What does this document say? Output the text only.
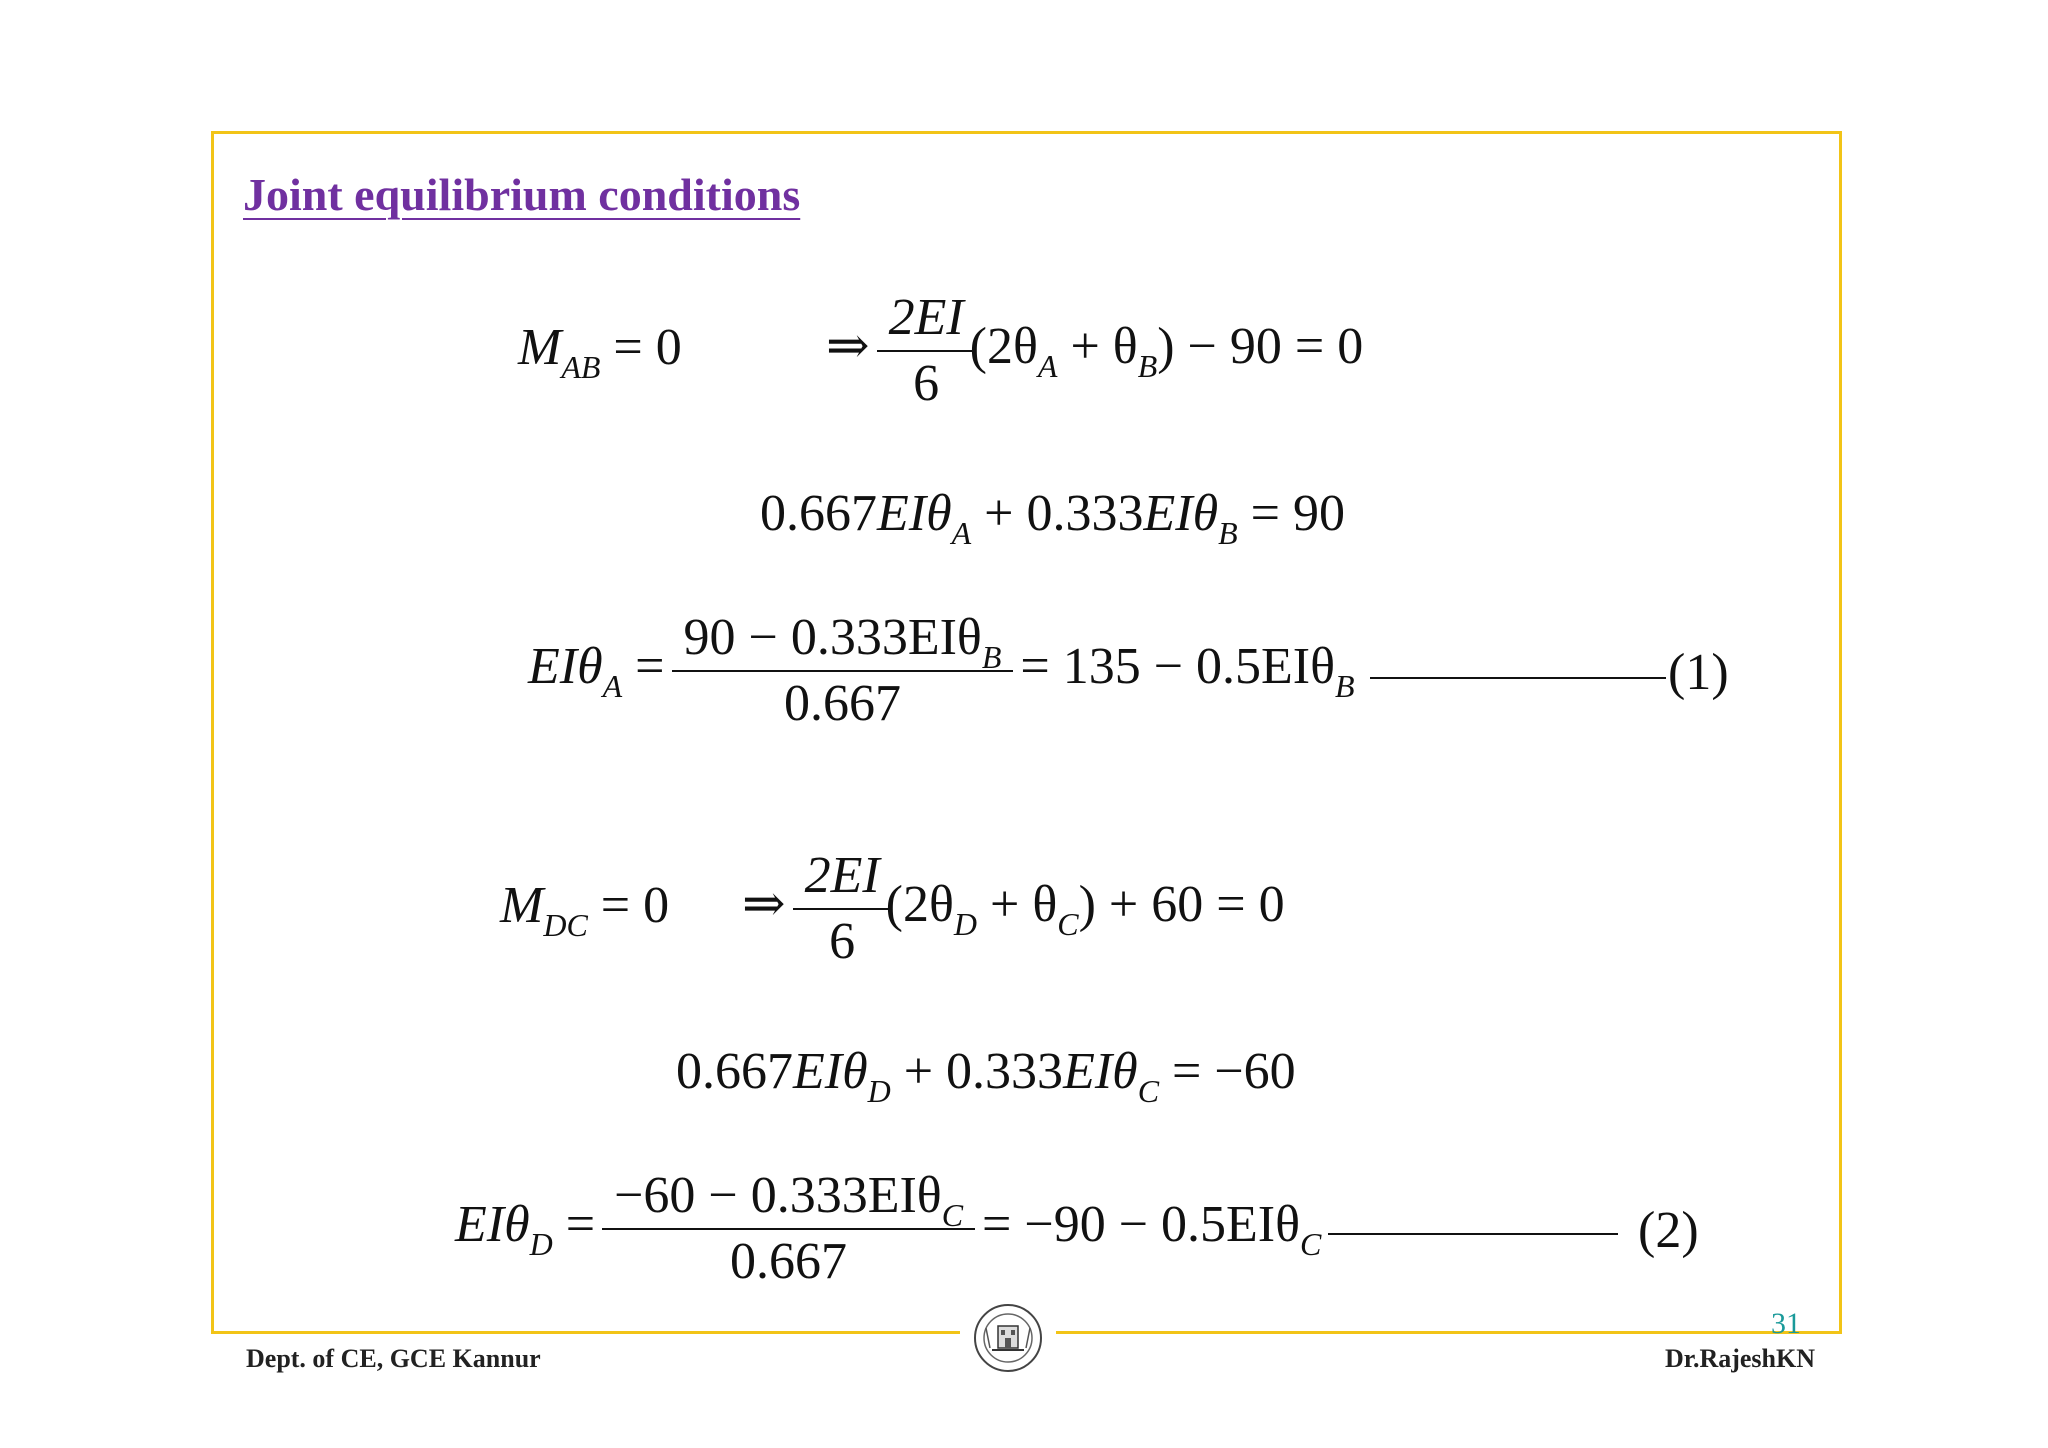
Joint equilibrium conditions
$M_{AB} = 0$	⇒ $\frac{2EI}{6} (2\theta_A + \theta_B) - 90 = 0$
0.667EIθ$_A$ + 0.333EIθ$_B$ = 90
$EI\theta_A = \frac{90 - 0.333EI\theta_B}{0.667} = 135 - 0.5EI\theta_B$	(1)
$M_{DC} = 0$ ⇒ $\frac{2EI}{6} (2\theta_D + \theta_C) + 60 = 0$
0.667EIθ$_D$ + 0.333EIθ$_C$ = −60
$EI\theta_D = \frac{-60 - 0.333EI\theta_C}{0.667} = -90 - 0.5EI\theta_C$	(2)
31
Dept. of CE, GCE Kannur	Dr.RajeshKN
